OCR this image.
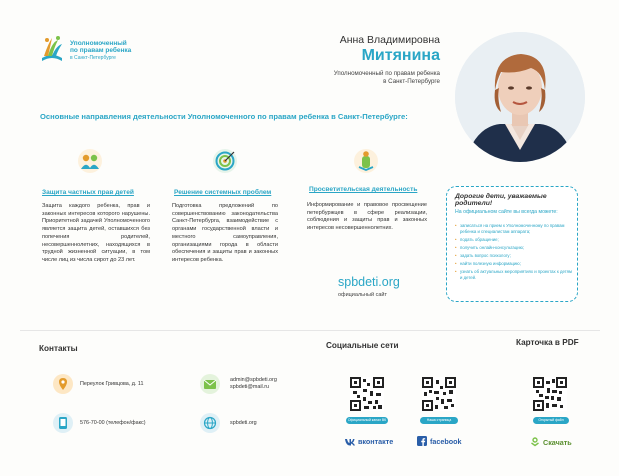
Уполномоченный
по правам ребенка
в Санкт-Петербурге
Анна Владимировна
Митянина
Уполномоченный по правам ребенка
в Санкт-Петербурге
Основные направления деятельности Уполномоченного по правам ребенка в Санкт-Петербурге:
Защита частных прав детей
Защита каждого ребенка, прав и законных интересов которого нарушены. Приоритетной задачей Уполномоченного является защита детей, оставшихся без попечения родителей, несовершеннолетних, находящихся в трудной жизненной ситуации, в том числе лиц из числа сирот до 23 лет.
Решение системных проблем
Подготовка предложений по совершенствованию законодательства Санкт-Петербурга, взаимодействие с органами государственной власти и местного самоуправления, организациями города в области обеспечения и защиты прав и законных интересов ребенка.
Просветительская деятельность
Информирование и правовое просвещение петербуржцев в сфере реализации, соблюдения и защиты прав и законных интересов несовершеннолетних.
spbdeti.org
официальный сайт
Дорогие дети, уважаемые родители!
На официальном сайте вы всегда можете:
• записаться на прием к Уполномоченному по правам ребенка и специалистам аппарата;
• подать обращение;
• получить онлайн-консультацию;
• задать вопрос психологу;
• найти полезную информацию;
• узнать об актуальных мероприятиях и проектах к детям и детей.
Контакты
Переулок Гривцова, д. 11
576-70-00 (телефон/факс)
admin@spbdeti.org
spbdeti@mail.ru
spbdeti.org
Социальные сети
Официальный канал ВК	Наша страница
вконтакте	facebook
Карточка в PDF
Открытый файл
Скачать
